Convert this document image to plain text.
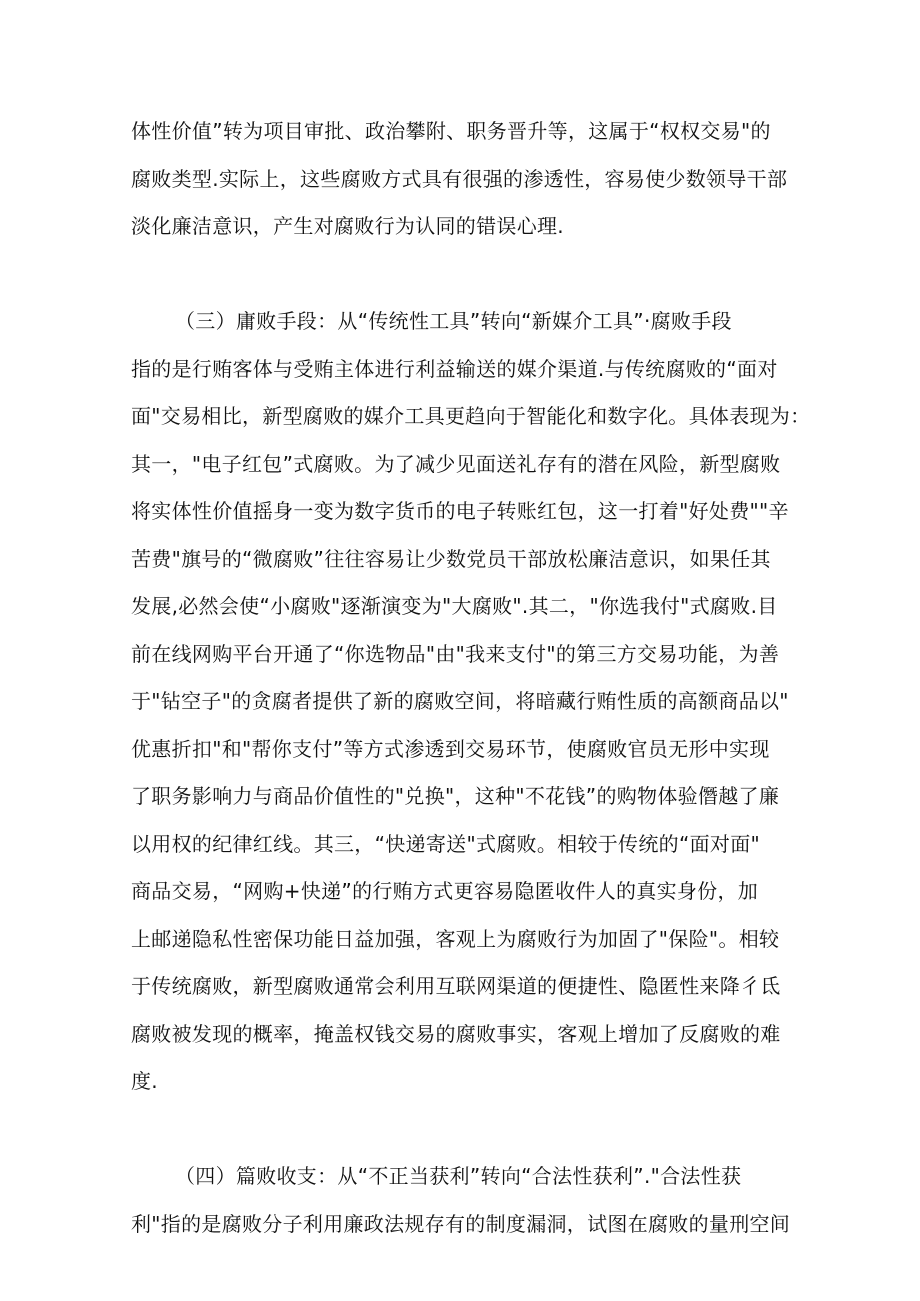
体性价值”转为项目审批、政治攀附、职务晋升等，这属于“权权交易"的
腐败类型.实际上，这些腐败方式具有很强的渗透性，容易使少数领导干部
淡化廉洁意识，产生对腐败行为认同的错误心理.
（三）庸败手段：从“传统性工具”转向“新媒介工具”·腐败手段
指的是行贿客体与受贿主体进行利益输送的媒介渠道.与传统腐败的“面对
面"交易相比，新型腐败的媒介工具更趋向于智能化和数字化。具体表现为：
其一，"电子红包”式腐败。为了减少见面送礼存有的潜在风险，新型腐败
将实体性价值摇身一变为数字货币的电子转账红包，这一打着"好处费""辛
苦费"旗号的“微腐败”往往容易让少数党员干部放松廉洁意识，如果任其
发展,必然会使“小腐败"逐渐演变为"大腐败".其二，"你选我付"式腐败.目
前在线网购平台开通了“你选物品"由"我来支付"的第三方交易功能，为善
于"钻空子"的贪腐者提供了新的腐败空间，将暗藏行贿性质的高额商品以"
优惠折扣"和"帮你支付”等方式渗透到交易环节，使腐败官员无形中实现
了职务影响力与商品价值性的"兑换"，这种"不花钱”的购物体验僭越了廉
以用权的纪律红线。其三，“快递寄送"式腐败。相较于传统的“面对面"
商品交易，“网购+快递”的行贿方式更容易隐匿收件人的真实身份，加
上邮递隐私性密保功能日益加强，客观上为腐败行为加固了"保险"。相较
于传统腐败，新型腐败通常会利用互联网渠道的便捷性、隐匿性来降彳氐
腐败被发现的概率，掩盖权钱交易的腐败事实，客观上增加了反腐败的难
度.
（四）篇败收支：从“不正当获利”转向“合法性获利”."合法性获
利"指的是腐败分子利用廉政法规存有的制度漏洞，试图在腐败的量刑空间
